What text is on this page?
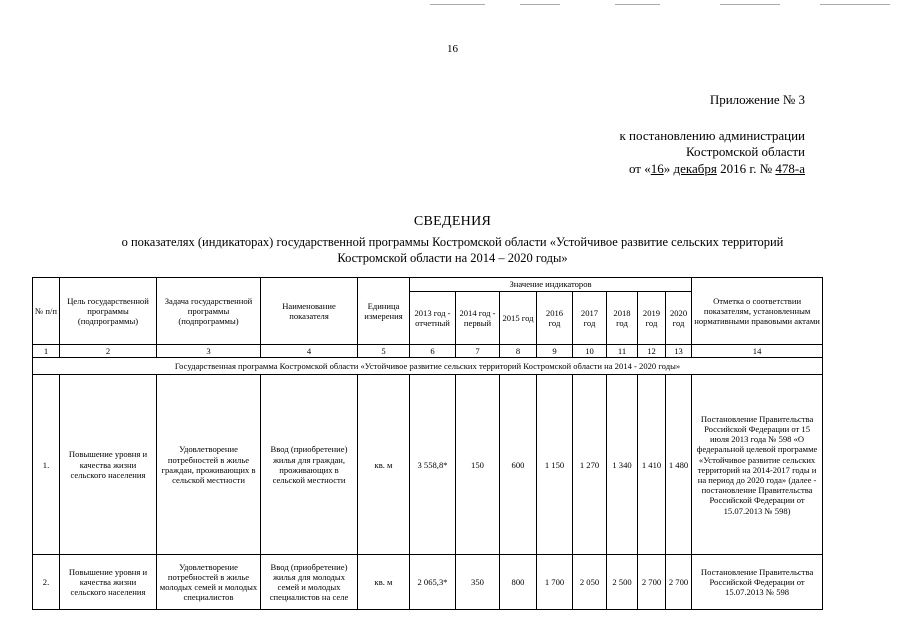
16
Приложение № 3
к постановлению администрации
Костромской области
от «16» декабря 2016 г. № 478-а
СВЕДЕНИЯ
о показателях (индикаторах) государственной программы Костромской области «Устойчивое развитие сельских территорий
Костромской области на 2014 – 2020 годы»
№ п/п	Цель государственной программы (подпрограммы)	Задача государственной программы (подпрограммы)	Наименование показателя	Единица измерения	Значение индикаторов								Отметка о соответствии показателям, установленным нормативными правовыми актами
					2013 год - отчетный	2014 год - первый	2015 год	2016 год	2017 год	2018 год	2019 год	2020 год	
1	2	3	4	5	6	7	8	9	10	11	12	13	14
Государственная программа Костромской области «Устойчивое развитие сельских территорий Костромской области на 2014 - 2020 годы»													
1.	Повышение уровня и качества жизни сельского населения	Удовлетворение потребностей в жилье граждан, проживающих в сельской местности	Ввод (приобретение) жилья для граждан, проживающих в сельской местности	кв. м	3 558,8*	150	600	1 150	1 270	1 340	1 410	1 480	Постановление Правительства Российской Федерации от 15 июля 2013 года № 598 «О федеральной целевой программе «Устойчивое развитие сельских территорий на 2014-2017 годы и на период до 2020 года» (далее - постановление Правительства Российской Федерации от 15.07.2013 № 598)
2.	Повышение уровня и качества жизни сельского населения	Удовлетворение потребностей в жилье молодых семей и молодых специалистов	Ввод (приобретение) жилья для молодых семей и молодых специалистов на селе	кв. м	2 065,3*	350	800	1 700	2 050	2 500	2 700	2 700	Постановление Правительства Российской Федерации от 15.07.2013 № 598
